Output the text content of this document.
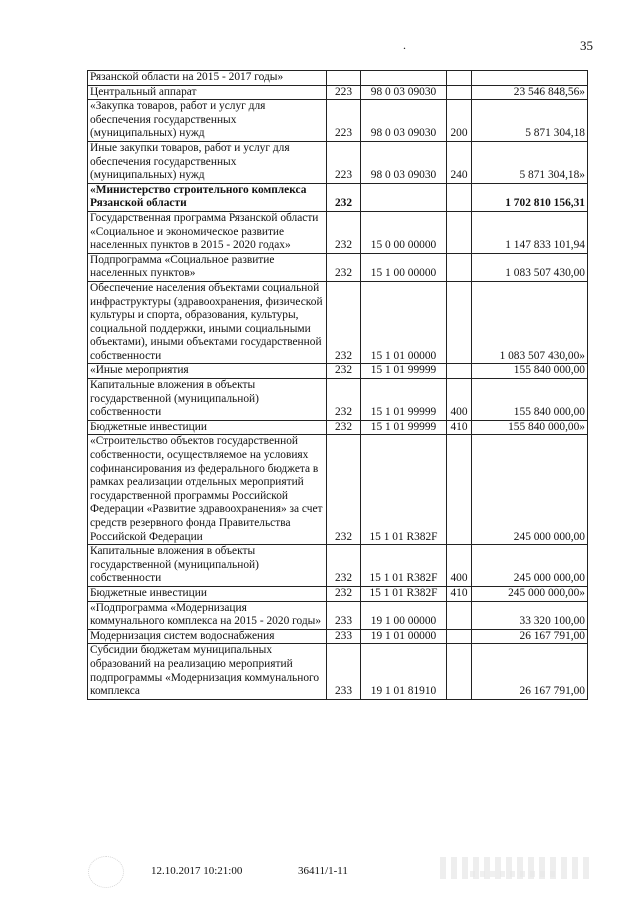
.	35
Рязанской области на 2015 - 2017 годы»				
Центральный аппарат	223	98 0 03 09030		23 546 848,56»
«Закупка товаров, работ и услуг для обеспечения государственных (муниципальных) нужд	223	98 0 03 09030	200	5 871 304,18
Иные закупки товаров, работ и услуг для обеспечения государственных (муниципальных) нужд	223	98 0 03 09030	240	5 871 304,18»
«Министерство строительного комплекса Рязанской области	232			1 702 810 156,31
Государственная программа Рязанской области «Социальное и экономическое развитие населенных пунктов в 2015 - 2020 годах»	232	15 0 00 00000		1 147 833 101,94
Подпрограмма «Социальное развитие населенных пунктов»	232	15 1 00 00000		1 083 507 430,00
Обеспечение населения объектами социальной инфраструктуры (здравоохранения, физической культуры и спорта, образования, культуры, социальной поддержки, иными социальными объектами), иными объектами государственной собственности	232	15 1 01 00000		1 083 507 430,00»
«Иные мероприятия	232	15 1 01 99999		155 840 000,00
Капитальные вложения в объекты государственной (муниципальной) собственности	232	15 1 01 99999	400	155 840 000,00
Бюджетные инвестиции	232	15 1 01 99999	410	155 840 000,00»
«Строительство объектов государственной собственности, осуществляемое на условиях софинансирования из федерального бюджета в рамках реализации отдельных мероприятий государственной программы Российской Федерации «Развитие здравоохранения» за счет средств резервного фонда Правительства Российской Федерации	232	15 1 01 R382F		245 000 000,00
Капитальные вложения в объекты государственной (муниципальной) собственности	232	15 1 01 R382F	400	245 000 000,00
Бюджетные инвестиции	232	15 1 01 R382F	410	245 000 000,00»
«Подпрограмма «Модернизация коммунального комплекса на 2015 - 2020 годы»	233	19 1 00 00000		33 320 100,00
Модернизация систем водоснабжения	233	19 1 01 00000		26 167 791,00
Субсидии бюджетам муниципальных образований на реализацию мероприятий подпрограммы «Модернизация коммунального комплекса	233	19 1 01 81910		26 167 791,00
12.10.2017 10:21:00	36411/1-11
